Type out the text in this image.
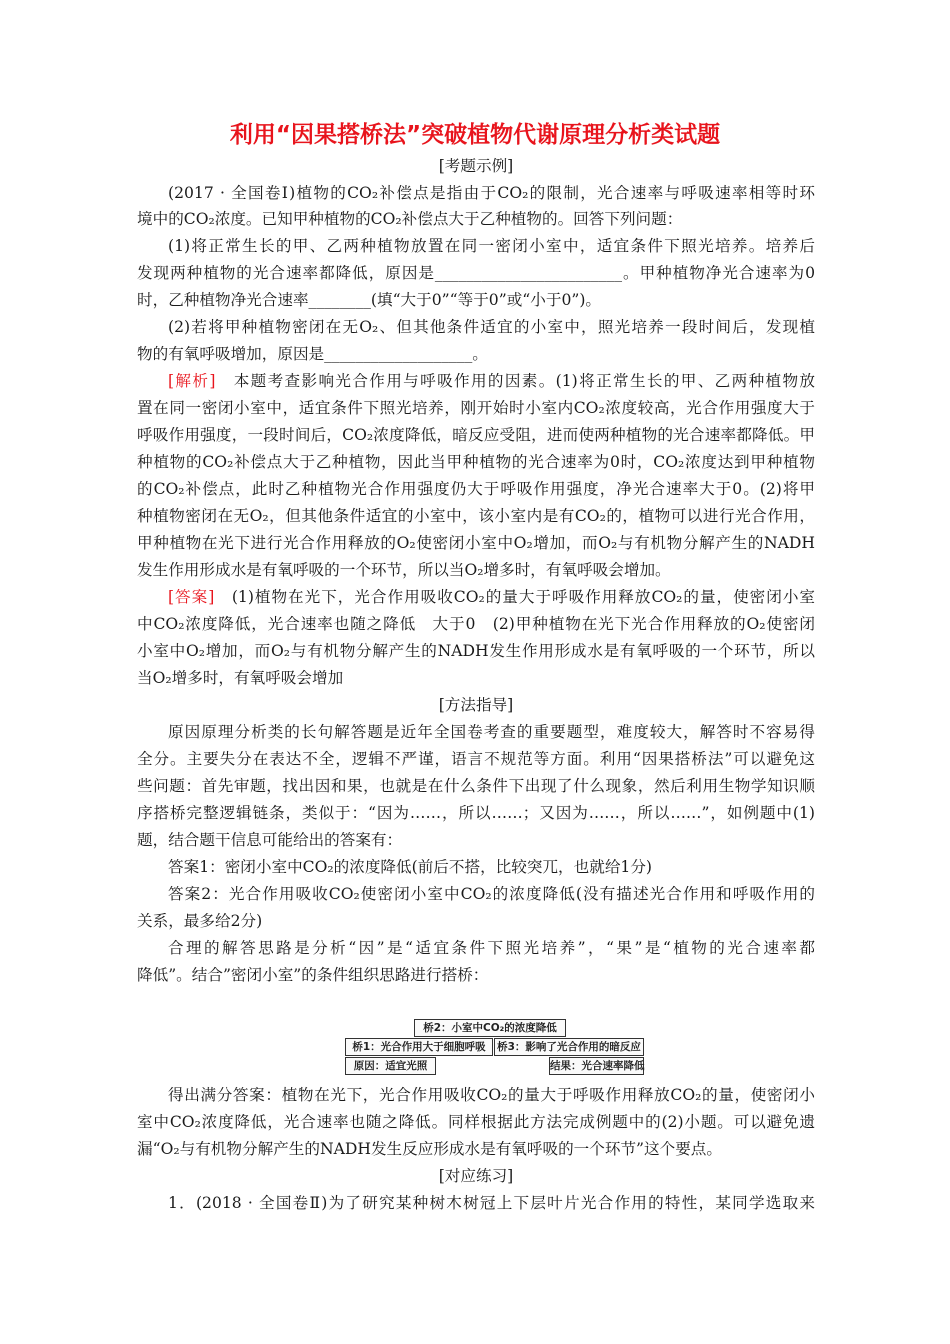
利用“因果搭桥法”突破植物代谢原理分析类试题
[考题示例]
(2017 · 全国卷Ⅰ)植物的CO₂补偿点是指由于CO₂的限制，光合速率与呼吸速率相等时环
境中的CO₂浓度。已知甲种植物的CO₂补偿点大于乙种植物的。回答下列问题：
(1)将正常生长的甲、乙两种植物放置在同一密闭小室中，适宜条件下照光培养。培养后
发现两种植物的光合速率都降低，原因是________________________。甲种植物净光合速率为0
时，乙种植物净光合速率________(填“大于0”“等于0”或“小于0”)。
(2)若将甲种植物密闭在无O₂、但其他条件适宜的小室中，照光培养一段时间后，发现植
物的有氧呼吸增加，原因是___________________。
[解析]　本题考查影响光合作用与呼吸作用的因素。(1)将正常生长的甲、乙两种植物放
置在同一密闭小室中，适宜条件下照光培养，刚开始时小室内CO₂浓度较高，光合作用强度大于
呼吸作用强度，一段时间后，CO₂浓度降低，暗反应受阻，进而使两种植物的光合速率都降低。甲
种植物的CO₂补偿点大于乙种植物，因此当甲种植物的光合速率为0时，CO₂浓度达到甲种植物
的CO₂补偿点，此时乙种植物光合作用强度仍大于呼吸作用强度，净光合速率大于0。(2)将甲
种植物密闭在无O₂，但其他条件适宜的小室中，该小室内是有CO₂的，植物可以进行光合作用，
甲种植物在光下进行光合作用释放的O₂使密闭小室中O₂增加，而O₂与有机物分解产生的NADH
发生作用形成水是有氧呼吸的一个环节，所以当O₂增多时，有氧呼吸会增加。
[答案]　(1)植物在光下，光合作用吸收CO₂的量大于呼吸作用释放CO₂的量，使密闭小室
中CO₂浓度降低，光合速率也随之降低　大于0　(2)甲种植物在光下光合作用释放的O₂使密闭
小室中O₂增加，而O₂与有机物分解产生的NADH发生作用形成水是有氧呼吸的一个环节，所以
当O₂增多时，有氧呼吸会增加
[方法指导]
原因原理分析类的长句解答题是近年全国卷考查的重要题型，难度较大，解答时不容易得
全分。主要失分在表达不全，逻辑不严谨，语言不规范等方面。利用“因果搭桥法”可以避免这
些问题：首先审题，找出因和果，也就是在什么条件下出现了什么现象，然后利用生物学知识顺
序搭桥完整逻辑链条，类似于：“因为……，所以……；又因为……，所以……”，如例题中(1)
题，结合题干信息可能给出的答案有：
答案1：密闭小室中CO₂的浓度降低(前后不搭，比较突兀，也就给1分)
答案2：光合作用吸收CO₂使密闭小室中CO₂的浓度降低(没有描述光合作用和呼吸作用的
关系，最多给2分)
合理的解答思路是分析“因”是“适宜条件下照光培养”，“果”是“植物的光合速率都
降低”。结合”密闭小室”的条件组织思路进行搭桥：
桥2：小室中CO₂的浓度降低
桥1：光合作用大于细胞呼吸	桥3：影响了光合作用的暗反应
原因：适宜光照	结果：光合速率降低
得出满分答案：植物在光下，光合作用吸收CO₂的量大于呼吸作用释放CO₂的量，使密闭小
室中CO₂浓度降低，光合速率也随之降低。同样根据此方法完成例题中的(2)小题。可以避免遗
漏“O₂与有机物分解产生的NADH发生反应形成水是有氧呼吸的一个环节”这个要点。
[对应练习]
1．(2018 · 全国卷Ⅱ)为了研究某种树木树冠上下层叶片光合作用的特性，某同学选取来
